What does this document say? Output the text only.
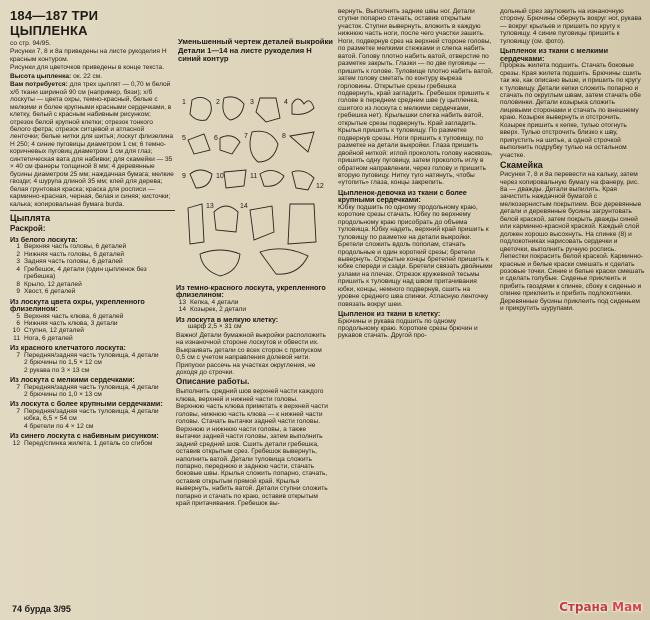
184—187 ТРИ ЦЫПЛЕНКА

со стр. 94/95.

Рисунки 7, 8 и 8а приведены на листе рукоделия Н красным контуром.

Рисунки для цветочков приведены в конце текста.

Высота цыпленка: ок. 22 см.

Вам потребуется: для трех цыплят — 0,70 м белой х/б ткани шириной 90 см (например, бязи); х/б лоскуты — цвета охры, темно-красный, белые с мелкими и более крупными красными сердечками, в клетку, белый с красным набивным рисунком; отрезок белой крупной клетки; отрезок тонкого белого фетра; отрезок ситцевой и атласной ленточки; белые нитки для шитья; лоскут флизелина Н 250; 4 синие пуговицы диаметром 1 см; 6 темно-коричневых пуговиц диаметром 1 см для глаз; синтетическая вата для набивки; для скамейки — 35 × 40 см фанеры толщиной 8 мм; 4 деревянные бусины диаметром 25 мм; наждачная бумага; мелкие гвозди; 4 шурупа длиной 35 мм; клей для дерева; белая грунтовая краска; краска для росписи — карминно-красная, черная, белая и синяя; кисточки; калька; копировальная бумага burda.

Цыплята
Раскрой:
Из белого лоскута:
1 Верхняя часть головы, 6 деталей
2 Нижняя часть головы, 6 деталей
3 Задняя часть головы, 6 деталей
4 Гребешок, 4 детали (один цыпленок без гребешка)
8 Крыло, 12 деталей
9 Хвост, 6 деталей
Из лоскута цвета охры, укрепленного флизелином:
5 Верхняя часть клюва, 6 деталей
6 Нижняя часть клюва, 3 детали
10 Ступня, 12 деталей
11 Нога, 6 деталей
Из красного клетчатого лоскута:
7 Передняя/задняя часть туловища, 4 детали
2 брючины по 1,5 × 12 см
2 рукава по 3 × 13 см
Из лоскута с мелкими сердечками:
7 Передняя/задняя часть туловища, 4 детали
2 брючины по 1,0 × 13 см
Из лоскута с более крупными сердечками:
7 Передняя/задняя часть туловища, 4 детали
юбка, 6,5 × 54 см
4 бретели по 4 × 12 см
Из синего лоскута с набивным рисунком:
12 Перед/спинка жилета, 1 деталь со сгибом
Уменьшенный чертеж деталей выкройки
Детали 1—14 на листе рукоделия Н синий контур
1	2	3	4
5	6	7	8
9	10	11
12
13	14
Из темно-красного лоскута, укрепленного флизелином:
13 Кепка, 4 детали
14 Козырек, 2 детали
Из лоскута в мелкую клетку:

шарф 2,5 × 31 см

Важно! Детали бумажной выкройки расположить на изнаночной стороне лоскутов и обвести их. Выкраивать детали со всех сторон с припуском 0,5 см с учетом направления долевой нити. Припуски рассечь на участках округления, не доходя до строчки.

Описание работы.

Выполнить средний шов верхней части каждого клюва, верхней и нижней части головы. Верхнюю часть клюва приметать к верхней части головы, нижнюю часть клюва — к нижней части головы. Стачать вытачки задней части головы. Верхнюю и нижнюю части головы, а также вытачки задней части головы, затем выполнить задний средний шов. Сшить детали гребешка, оставив открытым срез. Гребешок вывернуть, наполнить ватой. Детали туловища сложить попарно, переднюю и заднюю части, стачать боковые швы. Крылья сложить попарно, стачать, оставив открытым прямой край. Крылья вывернуть, набить ватой. Детали ступни сложить попарно и стачать по краю, оставив открытым край притачивания. Гребешок вы-

вернуть. Выполнить задние швы ног. Детали ступни попарно стачать, оставив открытым участок. Ступни вывернуть, вложить в каждую нижнюю часть ноги, после чего участки зашить. Ноги, подвернув срез на верхней стороне головы, по разметке мелкими стежками и слегка набить ватой. Голову плотно набить ватой, отверстие по разметке закрыть. Глазки — по две пуговицы — пришить к голове. Туловище плотно набить ватой, затем голову сметать по контуру выреза горловины. Открытые срезы гребешка подвернуть, край загладить. Гребешок пришить к голове в переднем среднем шве (у цыпленка, сшитого из лоскута с мелкими сердечками, гребешка нет). Крылышки слегка набить ватой, открытые срезы подвернуть. Край загладить. Крылья пришить к туловищу. По разметке подвернув срезы. Ноги пришить к туловищу, по разметке на детали выкройки. Глаза пришить двойной ниткой: иглой проколоть голову насквозь, пришить одну пуговицу, затем проколоть иглу в обратном направлении, через голову и пришить вторую пуговицу. Нитку туго натянуть, чтобы «утопить» глаза, концы закрепить.

Цыпленок-девочка из ткани с более крупными сердечками:

Юбку подшить по одному продольному краю, короткие срезы стачать. Юбку по верхнему продольному краю присобрать до объема туловища. Юбку надеть, верхний край пришить к туловищу по разметке на детали выкройки. Бретели сложить вдоль пополам, стачать продольные и один короткий срезы; бретели вывернуть. Открытые концы бретелей пришить к юбке спереди и сзади. Бретели связать двойными узлами на плечах. Отрезок кружевной тесьмы пришить к туловищу над швом притачивания юбки, концы, немного подвернув, сшить на уровне среднего шва спинки. Атласную ленточку повязать вокруг шеи.

Цыпленок из ткани в клетку:

Брючины и рукава подшить по одному продольному краю. Короткие срезы брючин и рукавов стачать. Другой про-

дольный срез заутюжить на изнаночную сторону. Брючины обернуть вокруг ног, рукава — вокруг крыльев и пришить по кругу к туловищу. 4 синие пуговицы пришить к туловищу (см. фото).

Цыпленок из ткани с мелкими сердечками:

Прорезь жилета подшить. Стачать боковые срезы. Края жилета подшить. Брючины сшить так же, как описано выше, и пришить по кругу к туловищу. Детали кепки сложить попарно и стачать по округлым швам, затем стачать обе половинки. Детали козырька сложить лицевыми сторонами и стачать по внешнему краю. Козырек вывернуть и отстрочить. Козырек пришить к кепке, тулью отогнуть вверх. Тулью отстрочить близко к шву, припустить на шитье, а одной строчкой выполнить подрубку тулью на остальном участке.

Скамейка

Рисунки 7, 8 и 8а перевести на кальку, затем через копировальную бумагу на фанеру, рис. 8а — дважды. Детали выпилить. Края зачистить наждачной бумагой с мелкозернистым покрытием. Все деревянные детали и деревянные бусины загрунтовать белой краской, затем покрыть дважды синей или карминно-красной краской. Каждый слой должен хорошо высохнуть. На спинке (8) и подлокотниках нарисовать сердечки и цветочки, выполнить ручную роспись. Лепестки покрасить белой краской. Карминно-красные и белые краски смешать и сделать розовые точки. Синие и белые краски смешать и сделать голубые. Сиденье приклеить и прибить гвоздями к спинке, сбоку к сиденью и спинке приклеить и прибить подлокотники. Деревянные бусины приклеить под сиденьем и прикрутить шурупами.

74 бурда 3/95	Страна Мам
